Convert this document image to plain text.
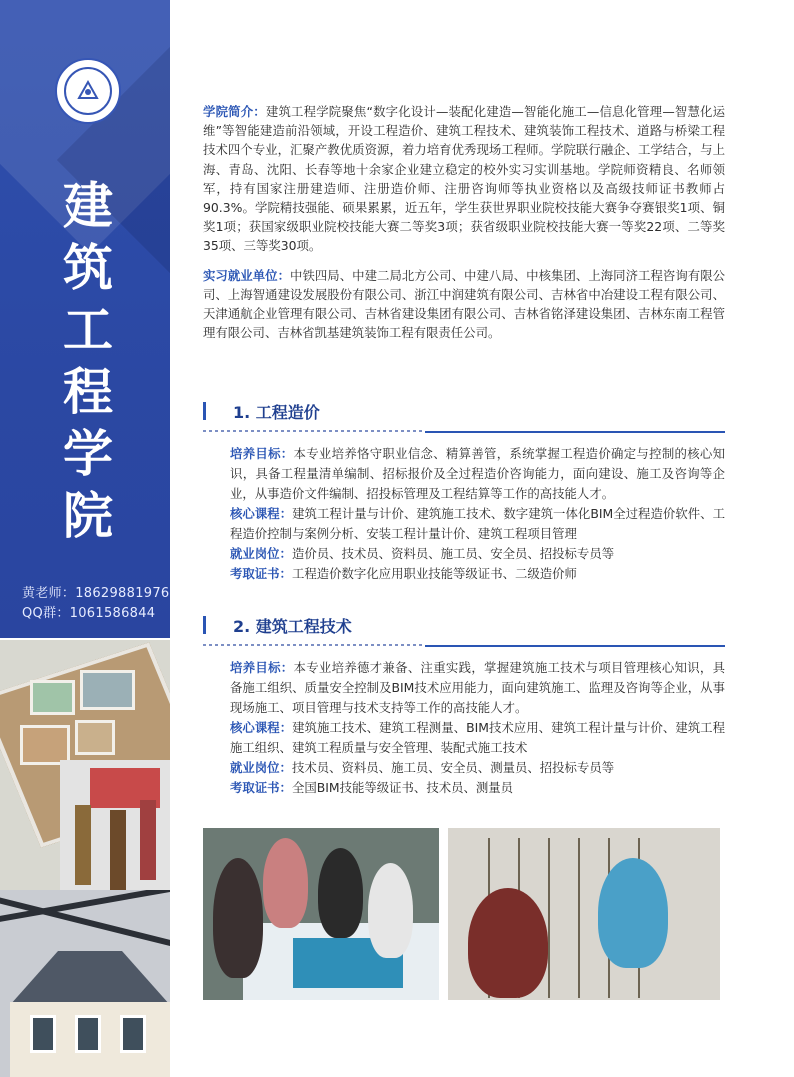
建
筑
工
程
学
院
黄老师：18629881976
QQ群：1061586844

学院简介：建筑工程学院聚焦“数字化设计—装配化建造—智能化施工—信息化管理—智慧化运维”等智能建造前沿领域，开设工程造价、建筑工程技术、建筑装饰工程技术、道路与桥梁工程技术四个专业，汇聚产教优质资源，着力培育优秀现场工程师。学院联行融企、工学结合，与上海、青岛、沈阳、长春等地十余家企业建立稳定的校外实习实训基地。学院师资精良、名师领军，持有国家注册建造师、注册造价师、注册咨询师等执业资格以及高级技师证书教师占90.3%。学院精技强能、硕果累累，近五年，学生获世界职业院校技能大赛争夺赛银奖1项、铜奖1项；获国家级职业院校技能大赛二等奖3项；获省级职业院校技能大赛一等奖22项、二等奖35项、三等奖30项。

实习就业单位：中铁四局、中建二局北方公司、中建八局、中核集团、上海同济工程咨询有限公司、上海智通建设发展股份有限公司、浙江中润建筑有限公司、吉林省中冶建设工程有限公司、天津通航企业管理有限公司、吉林省建设集团有限公司、吉林省铭泽建设集团、吉林东南工程管理有限公司、吉林省凯基建筑装饰工程有限责任公司。

1. 工程造价

培养目标：本专业培养恪守职业信念、精算善管，系统掌握工程造价确定与控制的核心知识，具备工程量清单编制、招标报价及全过程造价咨询能力，面向建设、施工及咨询等企业，从事造价文件编制、招投标管理及工程结算等工作的高技能人才。

核心课程：建筑工程计量与计价、建筑施工技术、数字建筑一体化BIM全过程造价软件、工程造价控制与案例分析、安装工程计量计价、建筑工程项目管理

就业岗位：造价员、技术员、资料员、施工员、安全员、招投标专员等

考取证书：工程造价数字化应用职业技能等级证书、二级造价师

2. 建筑工程技术

培养目标：本专业培养德才兼备、注重实践，掌握建筑施工技术与项目管理核心知识，具备施工组织、质量安全控制及BIM技术应用能力，面向建筑施工、监理及咨询等企业，从事现场施工、项目管理与技术支持等工作的高技能人才。

核心课程：建筑施工技术、建筑工程测量、BIM技术应用、建筑工程计量与计价、建筑工程施工组织、建筑工程质量与安全管理、装配式施工技术

就业岗位：技术员、资料员、施工员、安全员、测量员、招投标专员等

考取证书：全国BIM技能等级证书、技术员、测量员
